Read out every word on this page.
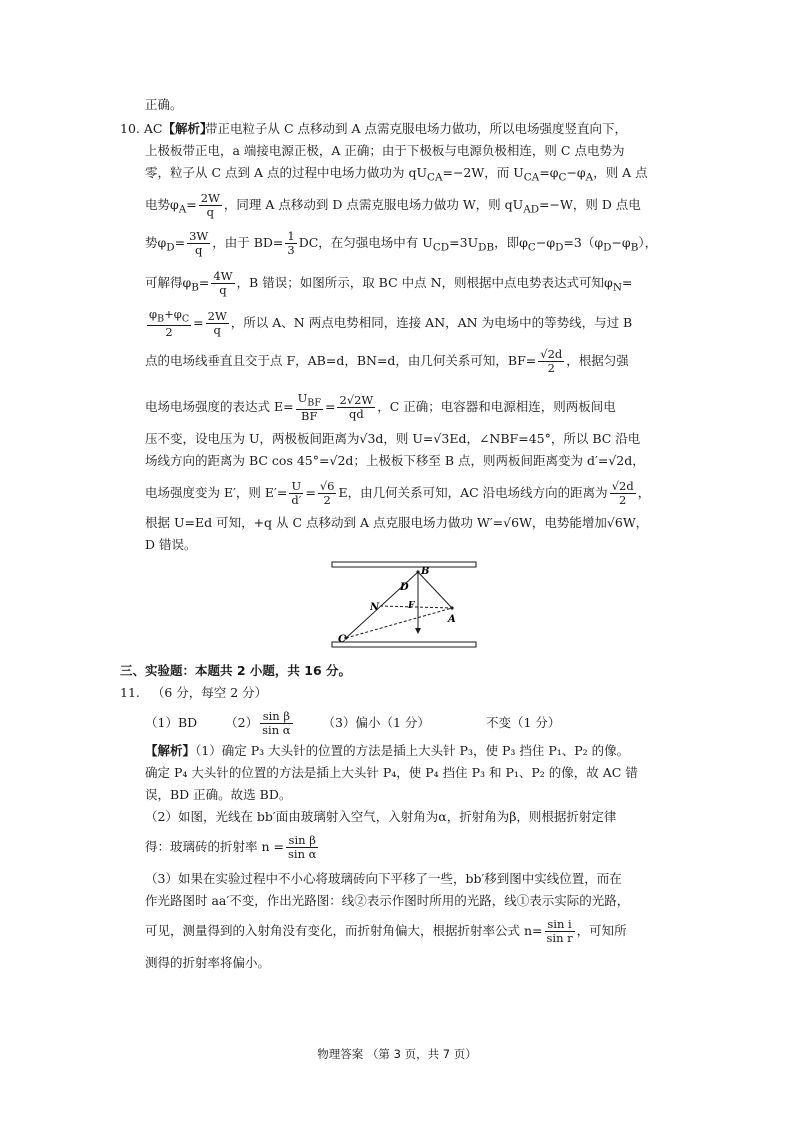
正确。
10. AC【解析】
带正电粒子从 C 点移动到 A 点需克服电场力做功，所以电场强度竖直向下，
上极板带正电，a 端接电源正极，A 正确；由于下极板与电源负极相连，则 C 点电势为
零，粒子从 C 点到 A 点的过程中电场力做功为 $qU_{CA}=-2W$，而 $U_{CA}=\varphi_C-\varphi_A$，则 A 点
电势$\varphi_A= \frac{2W}{q}$ ，同理 A 点移动到 D 点需克服电场力做功 W，则 $qU_{AD}=-W$，则 D 点电
势$\varphi_D= \frac{3W}{q}$ ，由于 $BD= \frac{1}{3}$ DC，在匀强电场中有 $U_{CD}=3U_{DB}$，即$\varphi_C-\varphi_D=3(\varphi_D-\varphi_B)$，
可解得$\varphi_B= \frac{4W}{q}$ ，B 错误；如图所示，取 BC 中点 N，则根据中点电势表达式可知$\varphi_N=$
$\frac{\varphi_B+\varphi_C}{2} = \frac{2W}{q}$ ，所以 A、N 两点电势相同，连接 AN，AN 为电场中的等势线，与过 B
点的电场线垂直且交于点 F，AB=d，BN=d，由几何关系可知，$BF= \frac{√2d}{2}$ ，根据匀强
电场电场强度的表达式 $E= \frac{U_{BF}}{BF} = \frac{2√2W}{qd}$ ，C 正确；电容器和电源相连，则两板间电
压不变，设电压为 U，两极板间距离为√3d，则 U=√3Ed，∠NBF=45°，所以 BC 沿电
场线方向的距离为 BC cos 45°=√2d；上极板下移至 B 点，则两板间距离变为 d′=√2d，
电场强度变为 E′，则 $E'= \frac{U}{d'} = \frac{√6}{2}$ E，由几何关系可知，AC 沿电场线方向的距离为 $\frac{√2d}{2}$ ，
根据 U=Ed 可知，+q 从 C 点移动到 A 点克服电场力做功 W′=√6W，电势能增加√6W，
D 错误。
B
D
N	F
A
C
三、实验题：本题共 2 小题，共 16 分。
11. （6 分，每空 2 分）
（1）BD $(2) \frac{\text{sin β}}{\text{sin α}} (3)$偏小（1 分）	不变（1 分）
【解析】（1）确定 P₃ 大头针的位置的方法是插上大头针 P₃，使 P₃ 挡住 P₁、P₂ 的像。
确定 P₄ 大头针的位置的方法是插上大头针 P₄，使 P₄ 挡住 P₃ 和 P₁、P₂ 的像，故 AC 错
误，BD 正确。故选 BD。
（2）如图，光线在 bb′面由玻璃射入空气，入射角为α，折射角为β，则根据折射定律
得：玻璃砖的折射率 $n = \frac{\text{sin β}}{\text{sin α}}$
（3）如果在实验过程中不小心将玻璃砖向下平移了一些，bb′移到图中实线位置，而在
作光路图时 aa′不变，作出光路图：线②表示作图时所用的光路，线①表示实际的光路，
可见，测量得到的入射角没有变化，而折射角偏大，根据折射率公式 $n= \frac{\text{sin i}}{\text{sin r}}$ ，可知所
测得的折射率将偏小。
物理答案 （第 3 页，共 7 页）
